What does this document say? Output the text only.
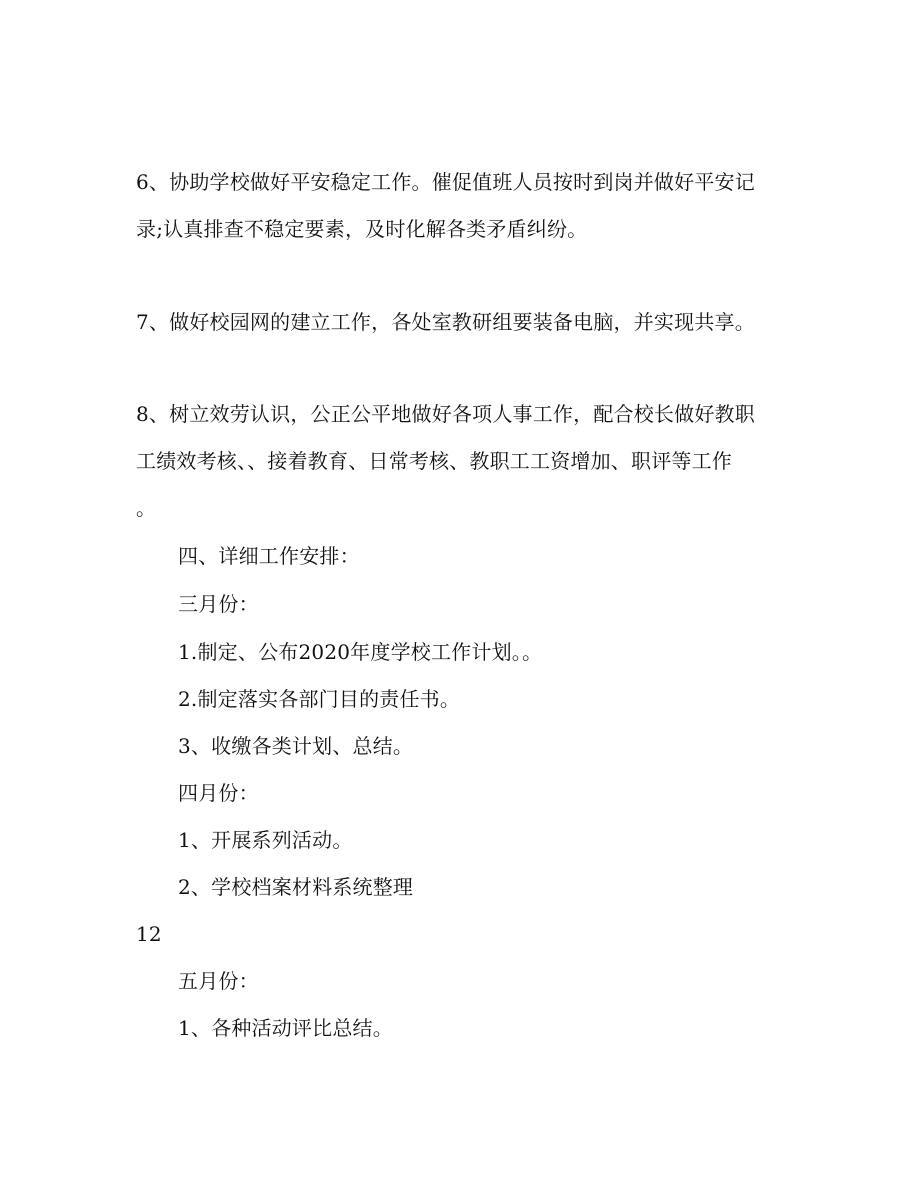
6、协助学校做好平安稳定工作。催促值班人员按时到岗并做好平安记
录;认真排查不稳定要素，及时化解各类矛盾纠纷。
7、做好校园网的建立工作，各处室教研组要装备电脑，并实现共享。
8、树立效劳认识，公正公平地做好各项人事工作，配合校长做好教职
工绩效考核、、接着教育、日常考核、教职工工资增加、职评等工作
。
四、详细工作安排：
三月份：
1.制定、公布2020年度学校工作计划。。
2.制定落实各部门目的责任书。
3、收缴各类计划、总结。
四月份：
1、开展系列活动。
2、学校档案材料系统整理
12
五月份：
1、各种活动评比总结。
